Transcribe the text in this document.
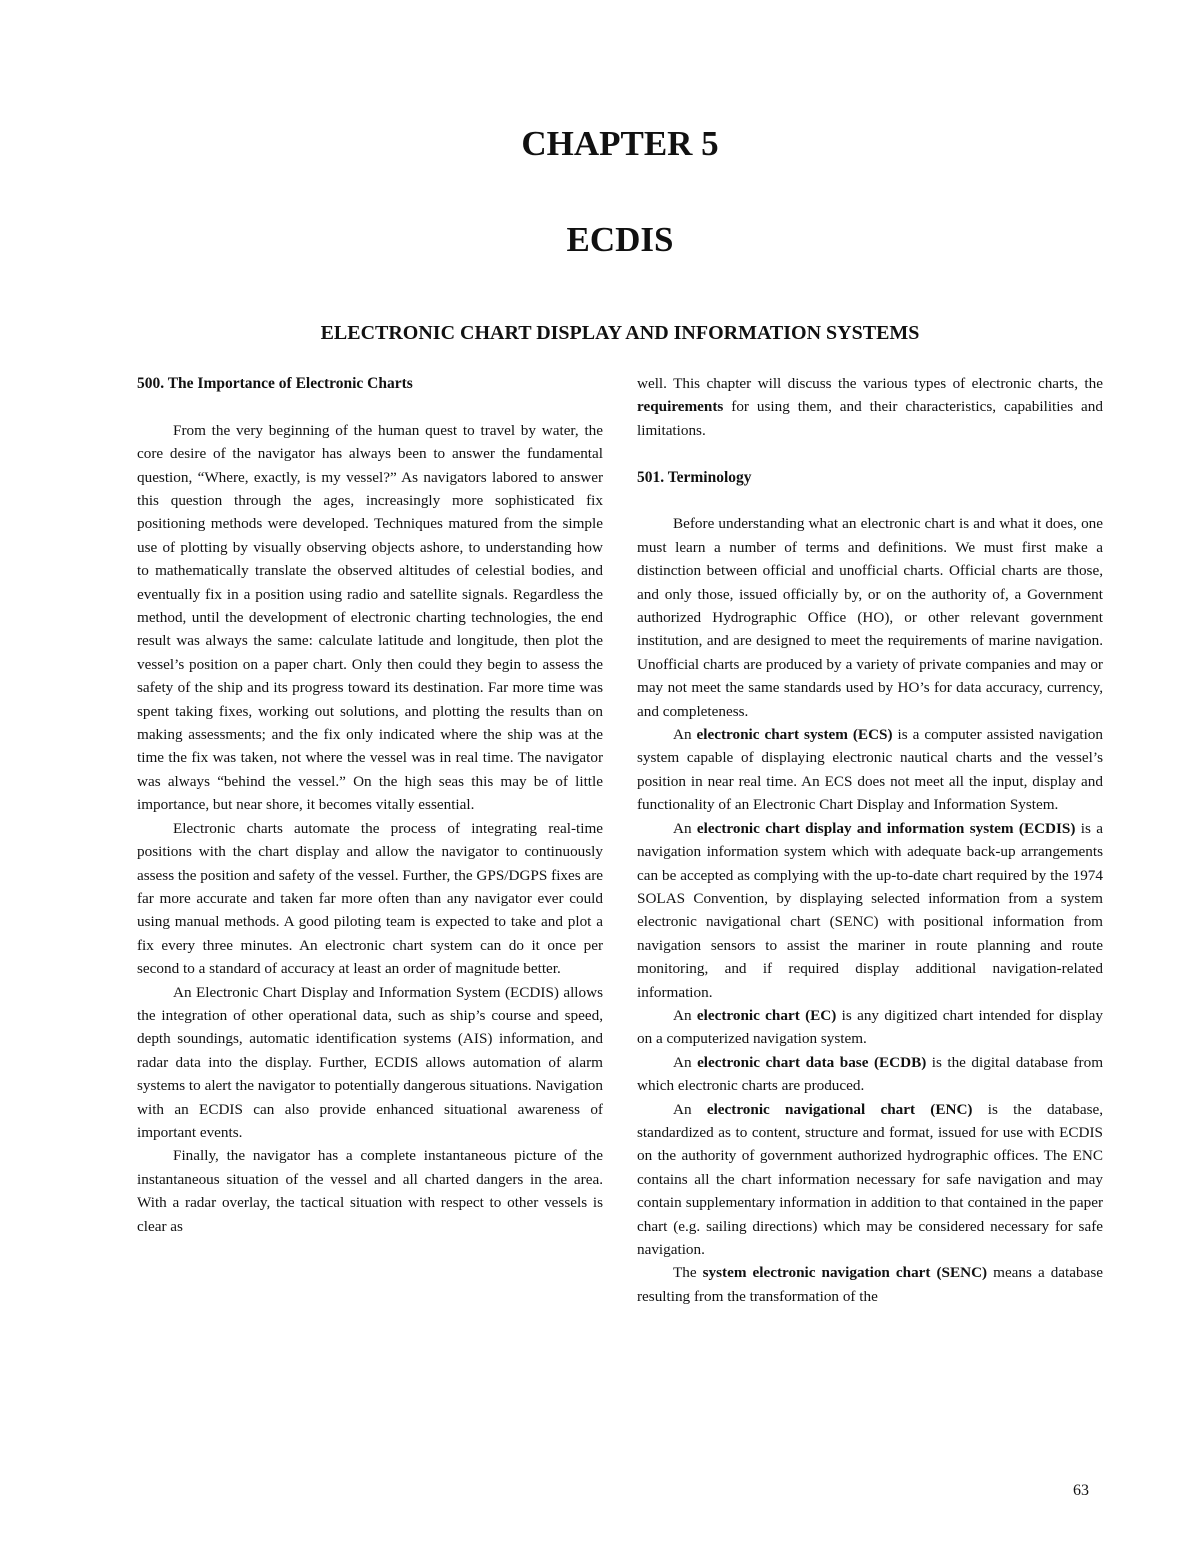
CHAPTER 5
ECDIS
ELECTRONIC CHART DISPLAY AND INFORMATION SYSTEMS
500. The Importance of Electronic Charts

From the very beginning of the human quest to travel by water, the core desire of the navigator has always been to answer the fundamental question, “Where, exactly, is my vessel?” As navigators labored to answer this question through the ages, increasingly more sophisticated fix positioning methods were developed. Techniques matured from the simple use of plotting by visually observing objects ashore, to understanding how to mathematically translate the observed altitudes of celestial bodies, and eventually fix in a position using radio and satellite signals. Regardless the method, until the development of electronic charting technologies, the end result was always the same: calculate latitude and longitude, then plot the vessel’s position on a paper chart. Only then could they begin to assess the safety of the ship and its progress toward its destination. Far more time was spent taking fixes, working out solutions, and plotting the results than on making assessments; and the fix only indicated where the ship was at the time the fix was taken, not where the vessel was in real time. The navigator was always “behind the vessel.” On the high seas this may be of little importance, but near shore, it becomes vitally essential.

Electronic charts automate the process of integrating real-time positions with the chart display and allow the navigator to continuously assess the position and safety of the vessel. Further, the GPS/DGPS fixes are far more accurate and taken far more often than any navigator ever could using manual methods. A good piloting team is expected to take and plot a fix every three minutes. An electronic chart system can do it once per second to a standard of accuracy at least an order of magnitude better.

An Electronic Chart Display and Information System (ECDIS) allows the integration of other operational data, such as ship’s course and speed, depth soundings, automatic identification systems (AIS) information, and radar data into the display. Further, ECDIS allows automation of alarm systems to alert the navigator to potentially dangerous situations. Navigation with an ECDIS can also provide enhanced situational awareness of important events.

Finally, the navigator has a complete instantaneous picture of the instantaneous situation of the vessel and all charted dangers in the area. With a radar overlay, the tactical situation with respect to other vessels is clear as

well. This chapter will discuss the various types of electronic charts, the requirements for using them, and their characteristics, capabilities and limitations.

501. Terminology

Before understanding what an electronic chart is and what it does, one must learn a number of terms and definitions. We must first make a distinction between official and unofficial charts. Official charts are those, and only those, issued officially by, or on the authority of, a Government authorized Hydrographic Office (HO), or other relevant government institution, and are designed to meet the requirements of marine navigation. Unofficial charts are produced by a variety of private companies and may or may not meet the same standards used by HO’s for data accuracy, currency, and completeness.

An electronic chart system (ECS) is a computer assisted navigation system capable of displaying electronic nautical charts and the vessel’s position in near real time. An ECS does not meet all the input, display and functionality of an Electronic Chart Display and Information System.

An electronic chart display and information system (ECDIS) is a navigation information system which with adequate back-up arrangements can be accepted as complying with the up-to-date chart required by the 1974 SOLAS Convention, by displaying selected information from a system electronic navigational chart (SENC) with positional information from navigation sensors to assist the mariner in route planning and route monitoring, and if required display additional navigation-related information.

An electronic chart (EC) is any digitized chart intended for display on a computerized navigation system.

An electronic chart data base (ECDB) is the digital database from which electronic charts are produced.

An electronic navigational chart (ENC) is the database, standardized as to content, structure and format, issued for use with ECDIS on the authority of government authorized hydrographic offices. The ENC contains all the chart information necessary for safe navigation and may contain supplementary information in addition to that contained in the paper chart (e.g. sailing directions) which may be considered necessary for safe navigation.

The system electronic navigation chart (SENC) means a database resulting from the transformation of the

63
